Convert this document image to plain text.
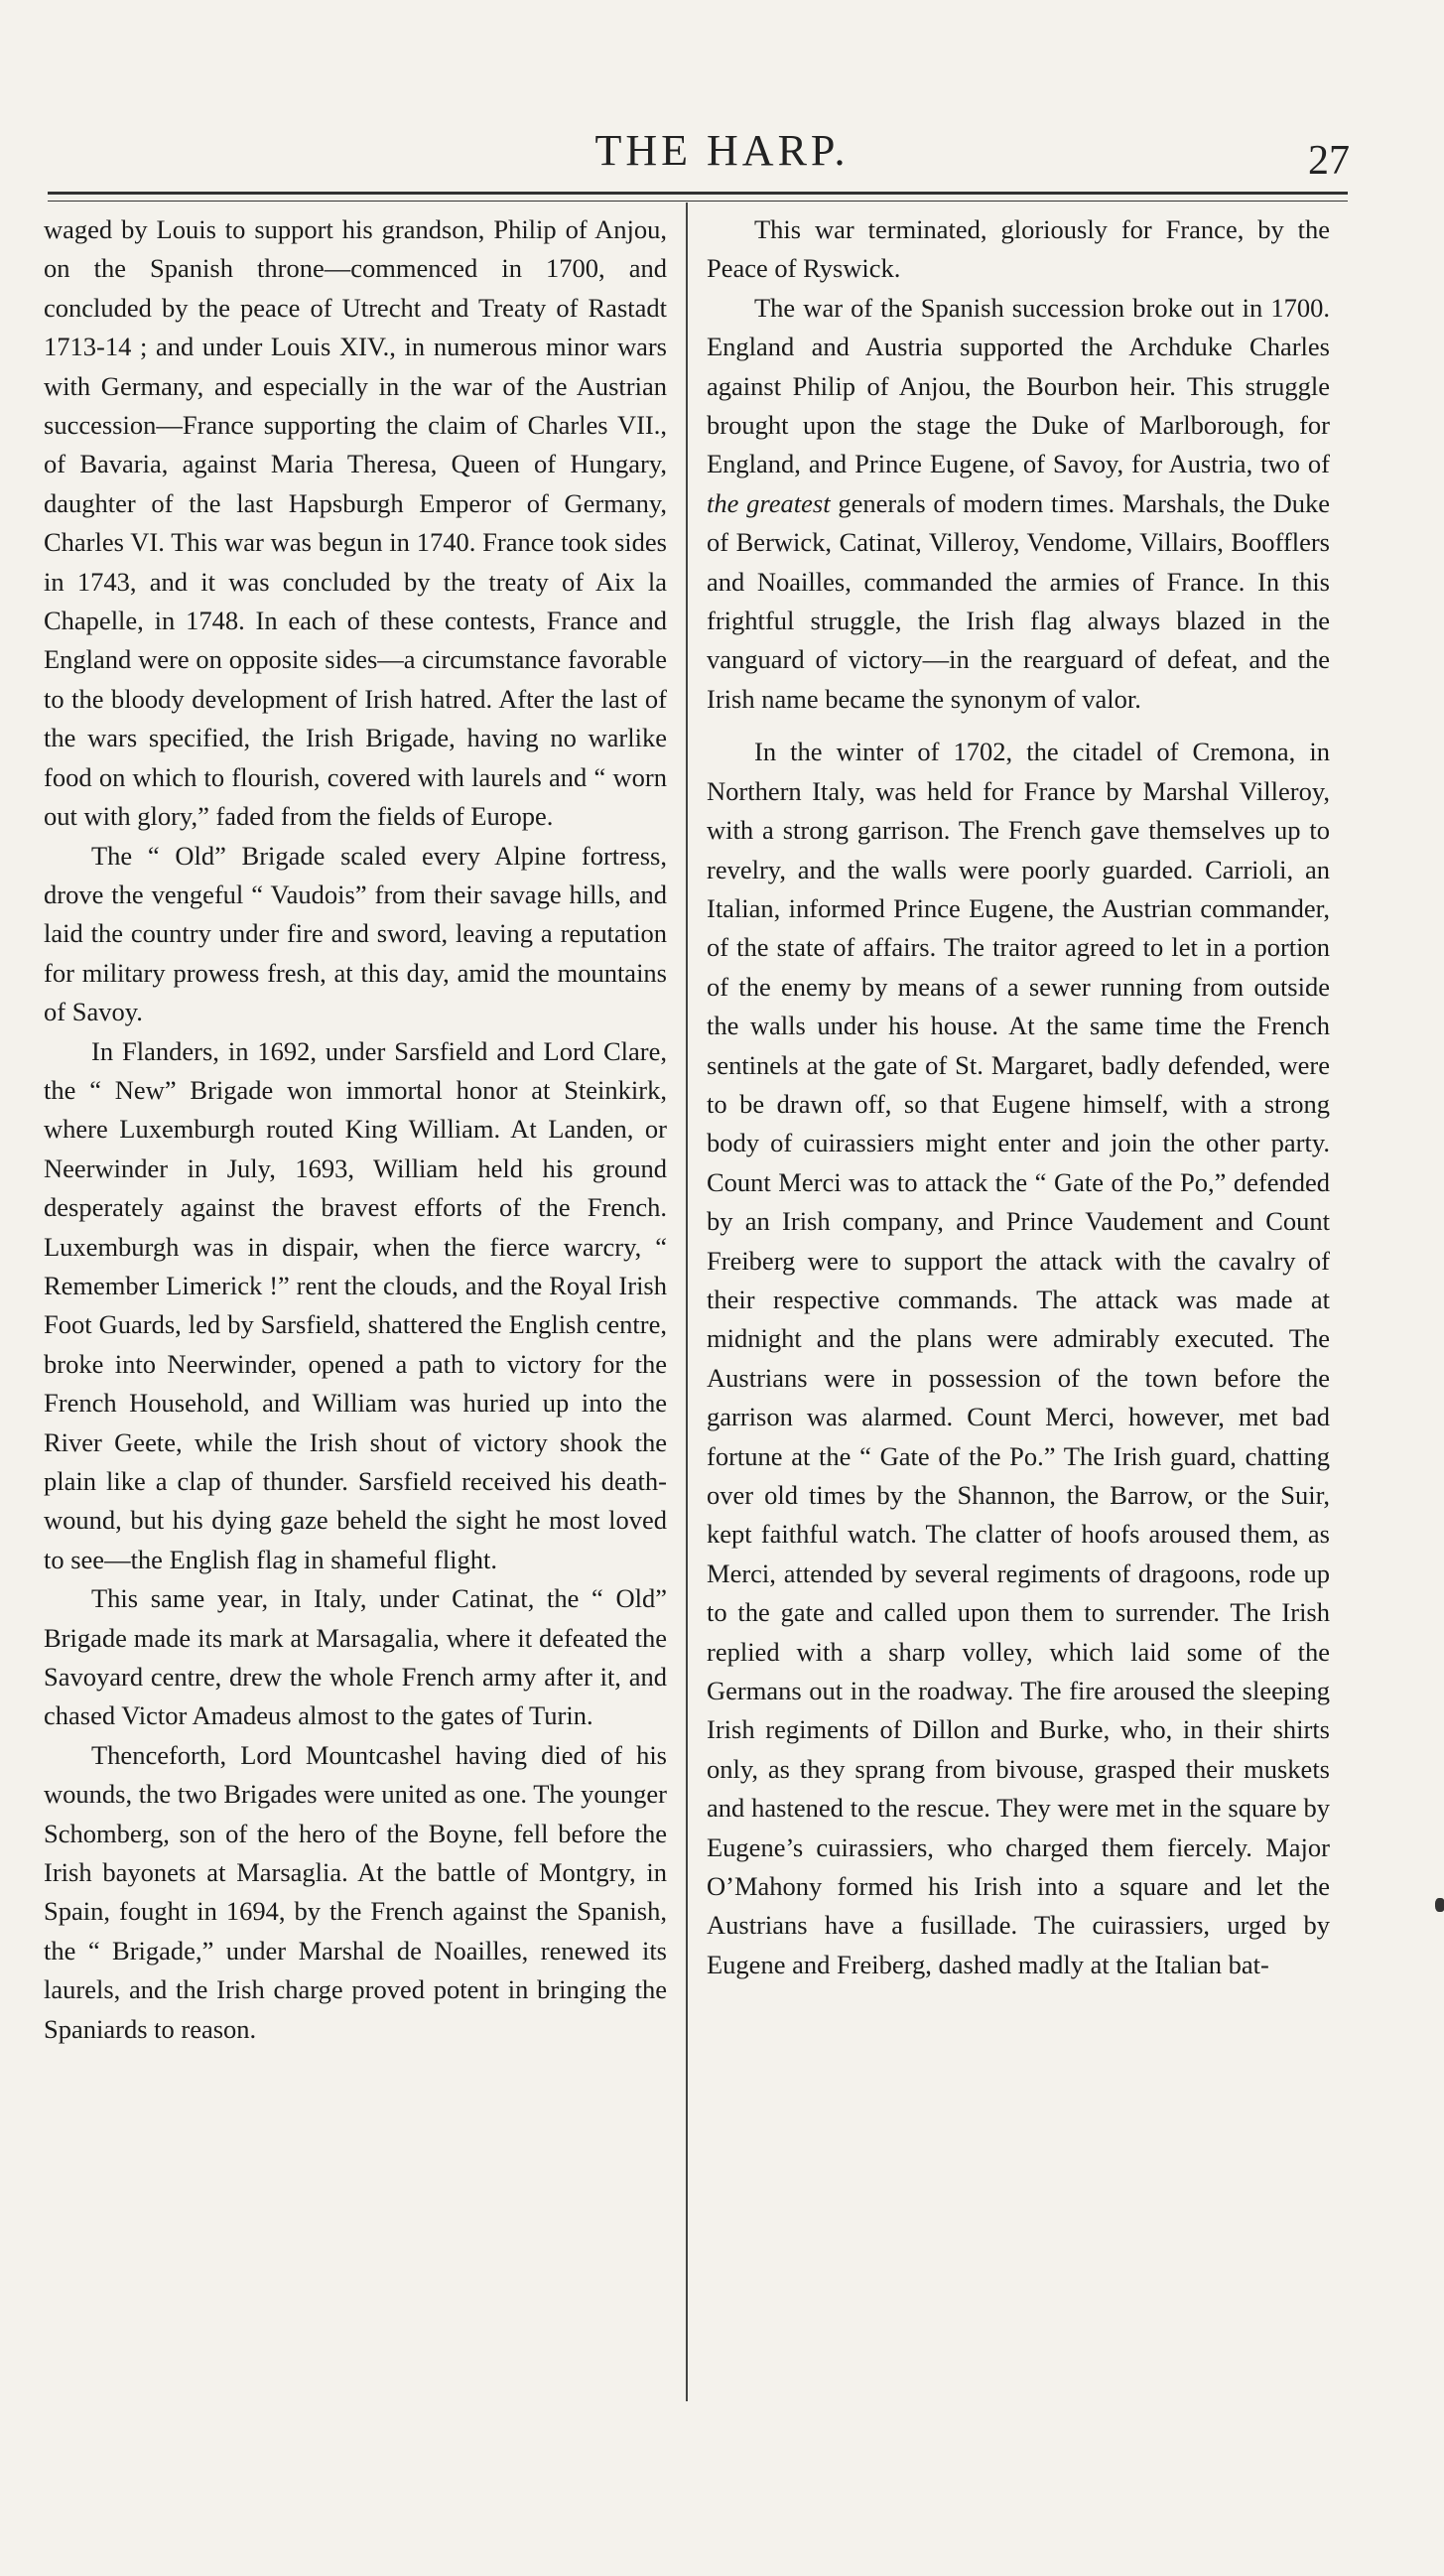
THE HARP.	27

waged by Louis to support his grandson, Philip of Anjou, on the Spanish throne—commenced in 1700, and concluded by the peace of Utrecht and Treaty of Rastadt 1713-14 ; and under Louis XIV., in numerous minor wars with Germany, and especially in the war of the Austrian succession—France supporting the claim of Charles VII., of Bavaria, against Maria Theresa, Queen of Hungary, daughter of the last Hapsburgh Emperor of Germany, Charles VI. This war was begun in 1740. France took sides in 1743, and it was concluded by the treaty of Aix la Chapelle, in 1748. In each of these contests, France and England were on opposite sides—a circumstance favorable to the bloody development of Irish hatred. After the last of the wars specified, the Irish Brigade, having no warlike food on which to flourish, covered with laurels and “ worn out with glory,” faded from the fields of Europe.

The “ Old” Brigade scaled every Alpine fortress, drove the vengeful “ Vaudois” from their savage hills, and laid the country under fire and sword, leaving a reputation for military prowess fresh, at this day, amid the mountains of Savoy.

In Flanders, in 1692, under Sarsfield and Lord Clare, the “ New” Brigade won immortal honor at Steinkirk, where Luxemburgh routed King William. At Landen, or Neerwinder in July, 1693, William held his ground desperately against the bravest efforts of the French. Luxemburgh was in dispair, when the fierce warcry, “ Remember Limerick !” rent the clouds, and the Royal Irish Foot Guards, led by Sarsfield, shattered the English centre, broke into Neerwinder, opened a path to victory for the French Household, and William was huried up into the River Geete, while the Irish shout of victory shook the plain like a clap of thunder. Sarsfield received his death-wound, but his dying gaze beheld the sight he most loved to see—the English flag in shameful flight.

This same year, in Italy, under Catinat, the “ Old” Brigade made its mark at Marsagalia, where it defeated the Savoyard centre, drew the whole French army after it, and chased Victor Amadeus almost to the gates of Turin.

Thenceforth, Lord Mountcashel having died of his wounds, the two Brigades were united as one. The younger Schomberg, son of the hero of the Boyne, fell before the Irish bayonets at Marsaglia. At the battle of Montgry, in Spain, fought in 1694, by the French against the Spanish, the “ Brigade,” under Marshal de Noailles, renewed its laurels, and the Irish charge proved potent in bringing the Spaniards to reason.

This war terminated, gloriously for France, by the Peace of Ryswick.

The war of the Spanish succession broke out in 1700. England and Austria supported the Archduke Charles against Philip of Anjou, the Bourbon heir. This struggle brought upon the stage the Duke of Marlborough, for England, and Prince Eugene, of Savoy, for Austria, two of the greatest generals of modern times. Marshals, the Duke of Berwick, Catinat, Villeroy, Vendome, Villairs, Boofflers and Noailles, commanded the armies of France. In this frightful struggle, the Irish flag always blazed in the vanguard of victory—in the rearguard of defeat, and the Irish name became the synonym of valor.

In the winter of 1702, the citadel of Cremona, in Northern Italy, was held for France by Marshal Villeroy, with a strong garrison. The French gave themselves up to revelry, and the walls were poorly guarded. Carrioli, an Italian, informed Prince Eugene, the Austrian commander, of the state of affairs. The traitor agreed to let in a portion of the enemy by means of a sewer running from outside the walls under his house. At the same time the French sentinels at the gate of St. Margaret, badly defended, were to be drawn off, so that Eugene himself, with a strong body of cuirassiers might enter and join the other party. Count Merci was to attack the “ Gate of the Po,” defended by an Irish company, and Prince Vaudement and Count Freiberg were to support the attack with the cavalry of their respective commands. The attack was made at midnight and the plans were admirably executed. The Austrians were in possession of the town before the garrison was alarmed. Count Merci, however, met bad fortune at the “ Gate of the Po.” The Irish guard, chatting over old times by the Shannon, the Barrow, or the Suir, kept faithful watch. The clatter of hoofs aroused them, as Merci, attended by several regiments of dragoons, rode up to the gate and called upon them to surrender. The Irish replied with a sharp volley, which laid some of the Germans out in the roadway. The fire aroused the sleeping Irish regiments of Dillon and Burke, who, in their shirts only, as they sprang from bivouse, grasped their muskets and hastened to the rescue. They were met in the square by Eugene’s cuirassiers, who charged them fiercely. Major O’Mahony formed his Irish into a square and let the Austrians have a fusillade. The cuirassiers, urged by Eugene and Freiberg, dashed madly at the Italian bat-
